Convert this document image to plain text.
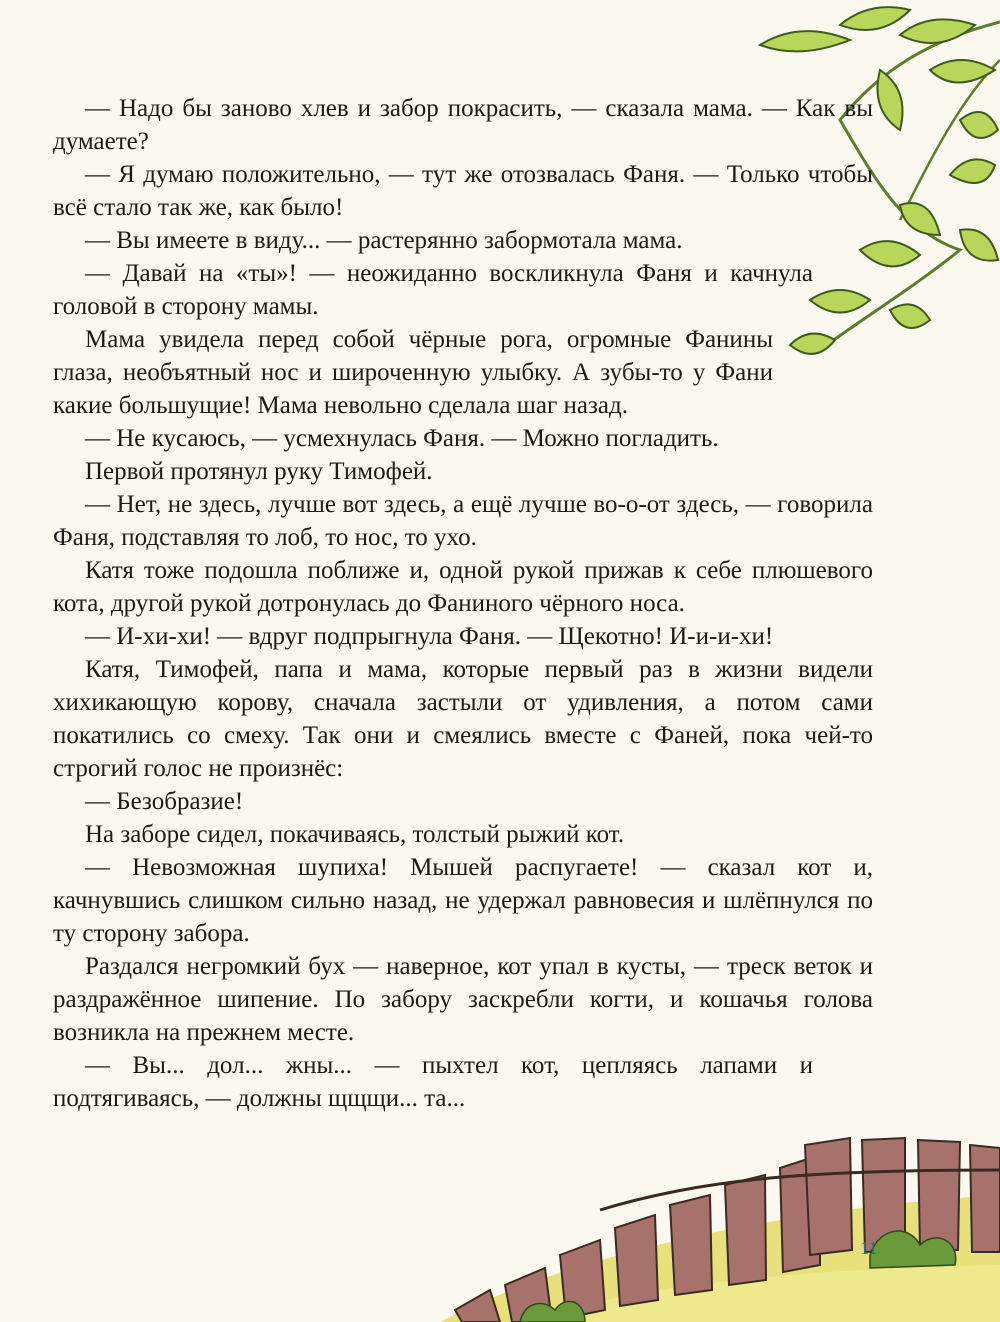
— Надо бы заново хлев и забор покрасить, — сказала мама. — Как вы думаете?

— Я думаю положительно, — тут же отозвалась Фаня. — Только чтобы всё стало так же, как было!

— Вы имеете в виду... — растерянно забормотала мама.

— Давай на «ты»! — неожиданно воскликнула Фаня и качнула головой в сторону мамы.

Мама увидела перед собой чёрные рога, огромные Фанины глаза, необъятный нос и широченную улыбку. А зубы-то у Фани какие большущие! Мама невольно сделала шаг назад.

— Не кусаюсь, — усмехнулась Фаня. — Можно погладить.

Первой протянул руку Тимофей.

— Нет, не здесь, лучше вот здесь, а ещё лучше во-о-от здесь, — говорила Фаня, подставляя то лоб, то нос, то ухо.

Катя тоже подошла поближе и, одной рукой прижав к себе плюшевого кота, другой рукой дотронулась до Фаниного чёрного носа.

— И-хи-хи! — вдруг подпрыгнула Фаня. — Щекотно! И-и-и-хи!

Катя, Тимофей, папа и мама, которые первый раз в жизни видели хихикающую корову, сначала застыли от удивления, а потом сами покатились со смеху. Так они и смеялись вместе с Фаней, пока чей-то строгий голос не произнёс:

— Безобразие!

На заборе сидел, покачиваясь, толстый рыжий кот.

— Невозможная шупиха! Мышей распугаете! — сказал кот и, качнувшись слишком сильно назад, не удержал равновесия и шлёпнулся по ту сторону забора.

Раздался негромкий бух — наверное, кот упал в кусты, — треск веток и раздражённое шипение. По забору заскребли когти, и кошачья голова возникла на прежнем месте.

— Вы... дол... жны... — пыхтел кот, цепляясь лапами и подтягиваясь, — должны щщщи... та...

11
